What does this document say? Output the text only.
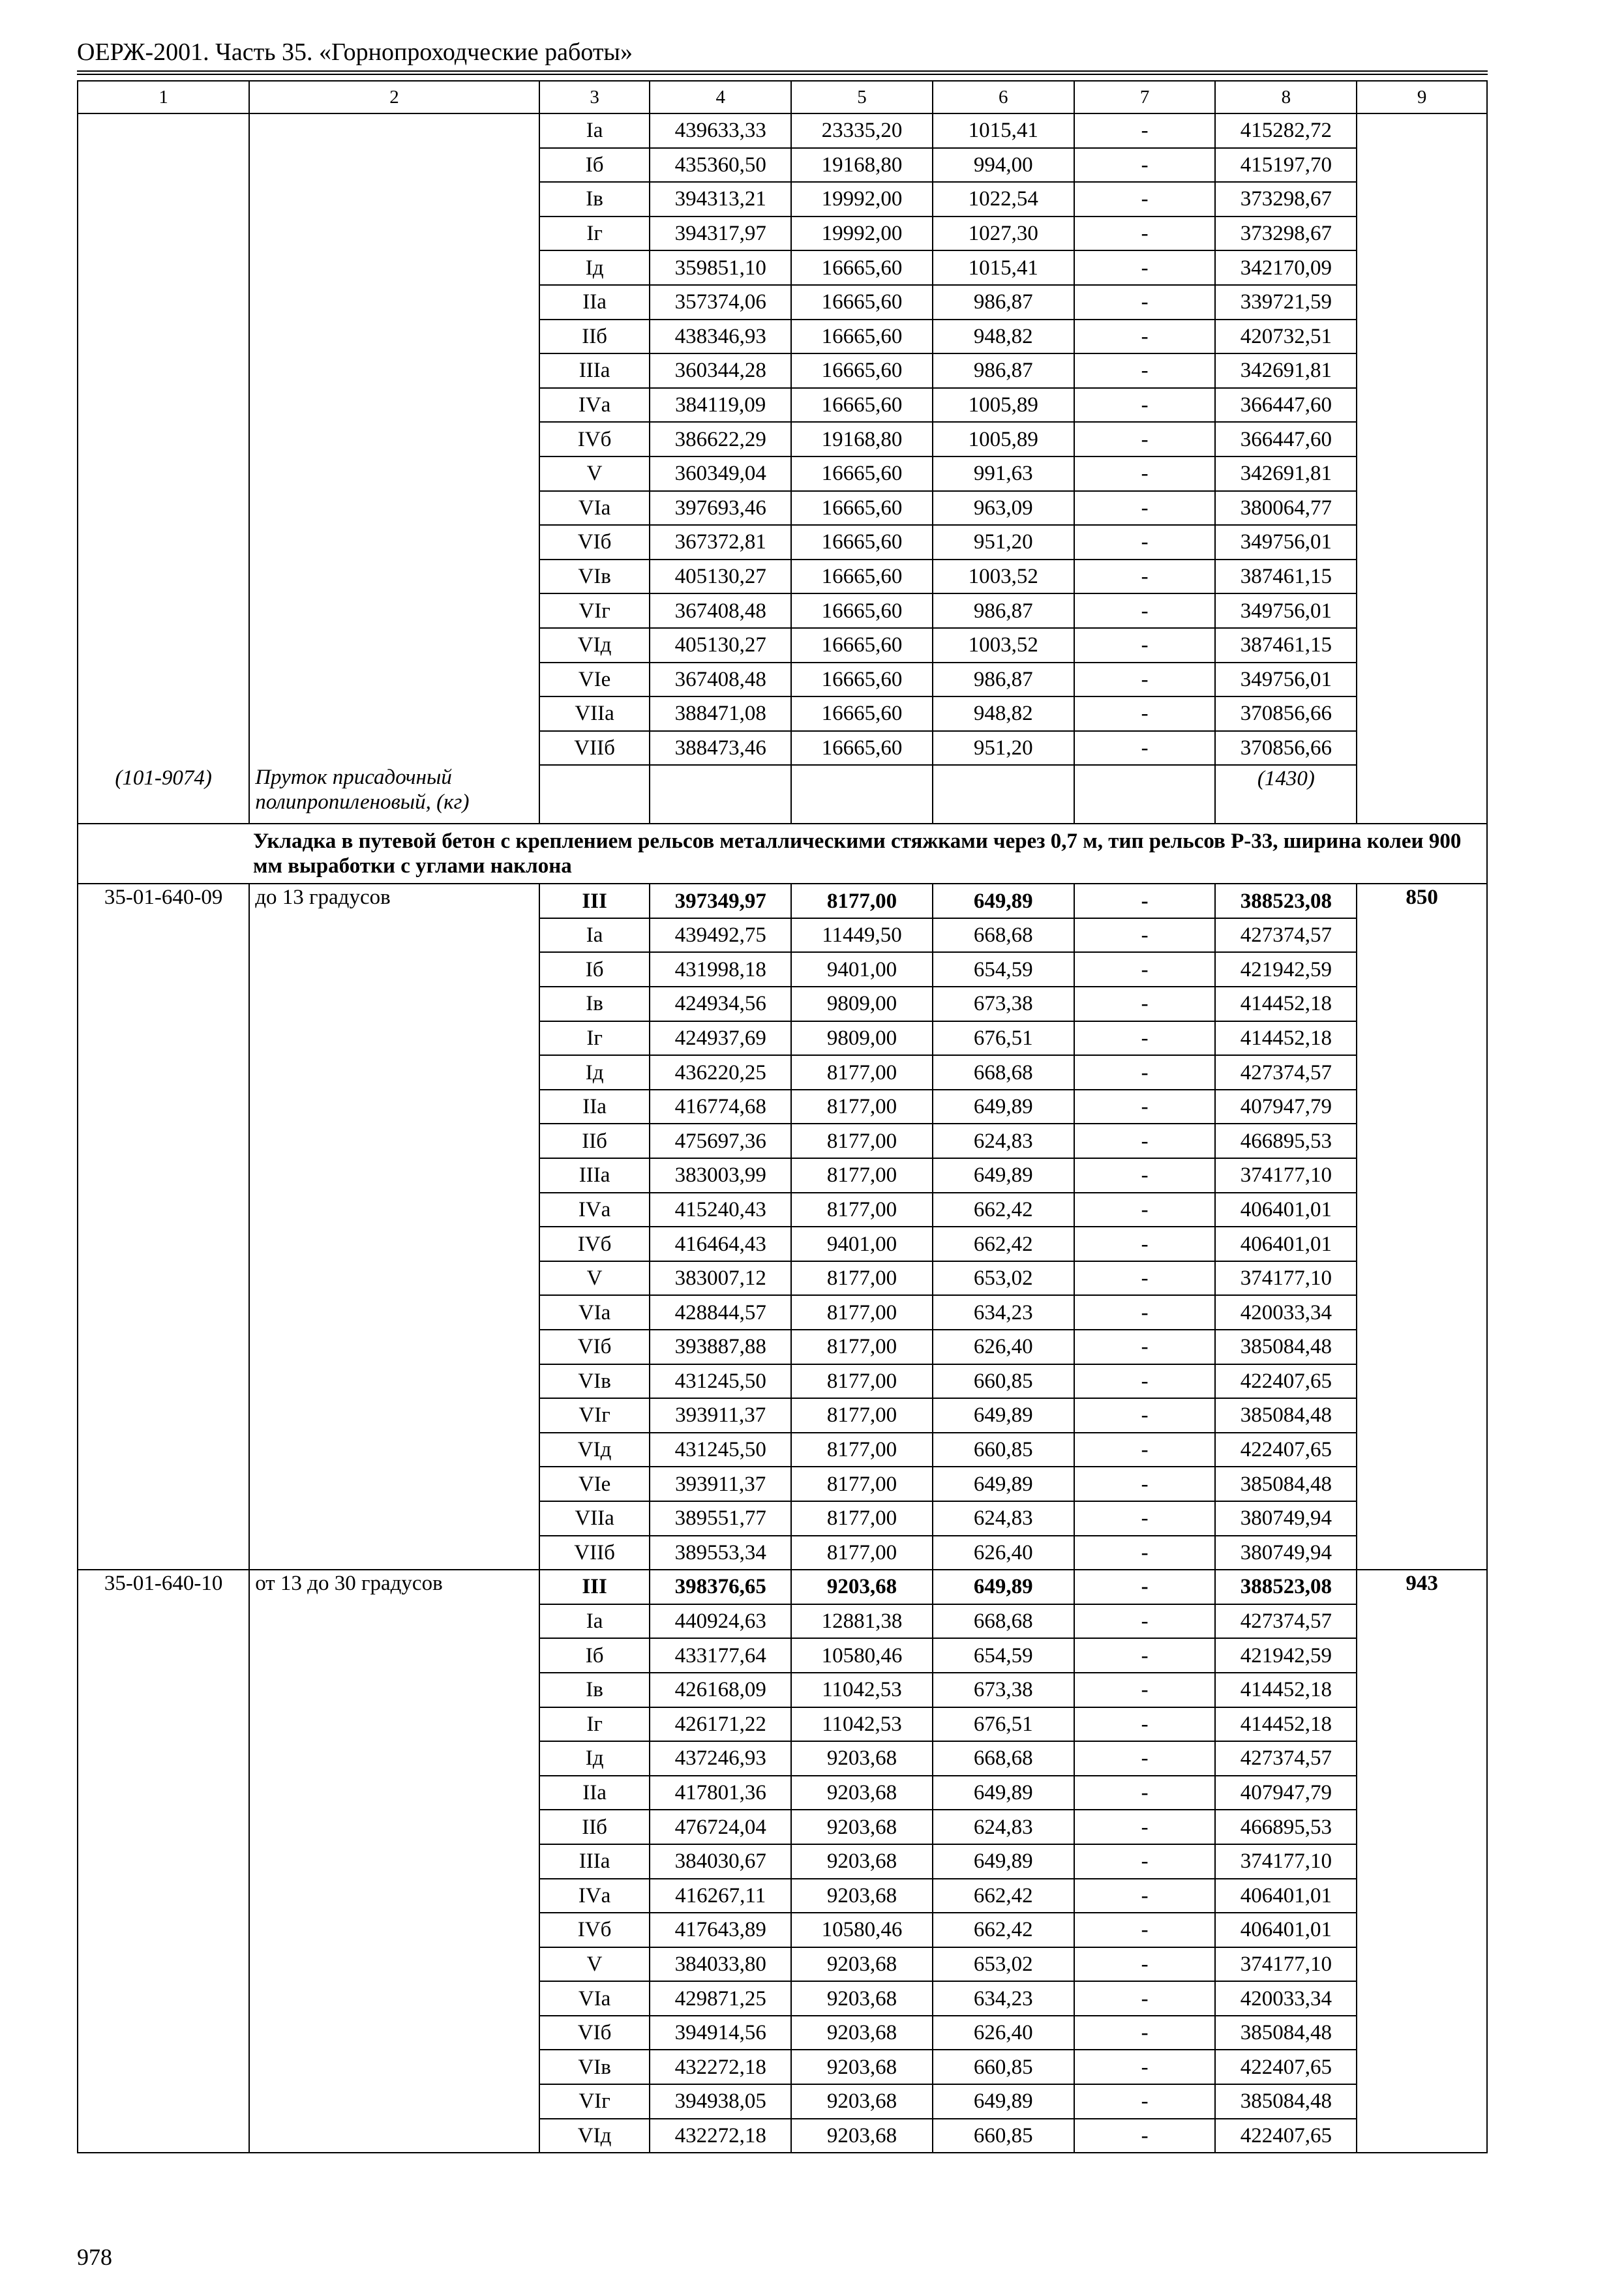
ОЕРЖ-2001. Часть 35. «Горнопроходческие работы»
1	2	3	4	5	6	7	8	9
		Iа	439633,33	23335,20	1015,41	-	415282,72	
		Iб	435360,50	19168,80	994,00	-	415197,70	
		Iв	394313,21	19992,00	1022,54	-	373298,67	
		Iг	394317,97	19992,00	1027,30	-	373298,67	
		Iд	359851,10	16665,60	1015,41	-	342170,09	
		IIа	357374,06	16665,60	986,87	-	339721,59	
		IIб	438346,93	16665,60	948,82	-	420732,51	
		IIIа	360344,28	16665,60	986,87	-	342691,81	
		IVа	384119,09	16665,60	1005,89	-	366447,60	
		IVб	386622,29	19168,80	1005,89	-	366447,60	
		V	360349,04	16665,60	991,63	-	342691,81	
		VIа	397693,46	16665,60	963,09	-	380064,77	
		VIб	367372,81	16665,60	951,20	-	349756,01	
		VIв	405130,27	16665,60	1003,52	-	387461,15	
		VIг	367408,48	16665,60	986,87	-	349756,01	
		VIд	405130,27	16665,60	1003,52	-	387461,15	
		VIе	367408,48	16665,60	986,87	-	349756,01	
		VIIа	388471,08	16665,60	948,82	-	370856,66	
		VIIб	388473,46	16665,60	951,20	-	370856,66	
(101-9074)	Пруток присадочный полипропиленовый, (кг)						(1430)	
Укладка в путевой бетон с креплением рельсов металлическими стяжками через 0,7 м, тип рельсов Р-33, ширина колеи 900 мм выработки с углами наклона								
35-01-640-09	до 13 градусов	III	397349,97	8177,00	649,89	-	388523,08	850
		Iа	439492,75	11449,50	668,68	-	427374,57	
		Iб	431998,18	9401,00	654,59	-	421942,59	
		Iв	424934,56	9809,00	673,38	-	414452,18	
		Iг	424937,69	9809,00	676,51	-	414452,18	
		Iд	436220,25	8177,00	668,68	-	427374,57	
		IIа	416774,68	8177,00	649,89	-	407947,79	
		IIб	475697,36	8177,00	624,83	-	466895,53	
		IIIа	383003,99	8177,00	649,89	-	374177,10	
		IVа	415240,43	8177,00	662,42	-	406401,01	
		IVб	416464,43	9401,00	662,42	-	406401,01	
		V	383007,12	8177,00	653,02	-	374177,10	
		VIа	428844,57	8177,00	634,23	-	420033,34	
		VIб	393887,88	8177,00	626,40	-	385084,48	
		VIв	431245,50	8177,00	660,85	-	422407,65	
		VIг	393911,37	8177,00	649,89	-	385084,48	
		VIд	431245,50	8177,00	660,85	-	422407,65	
		VIе	393911,37	8177,00	649,89	-	385084,48	
		VIIа	389551,77	8177,00	624,83	-	380749,94	
		VIIб	389553,34	8177,00	626,40	-	380749,94	
35-01-640-10	от 13 до 30 градусов	III	398376,65	9203,68	649,89	-	388523,08	943
		Iа	440924,63	12881,38	668,68	-	427374,57	
		Iб	433177,64	10580,46	654,59	-	421942,59	
		Iв	426168,09	11042,53	673,38	-	414452,18	
		Iг	426171,22	11042,53	676,51	-	414452,18	
		Iд	437246,93	9203,68	668,68	-	427374,57	
		IIа	417801,36	9203,68	649,89	-	407947,79	
		IIб	476724,04	9203,68	624,83	-	466895,53	
		IIIа	384030,67	9203,68	649,89	-	374177,10	
		IVа	416267,11	9203,68	662,42	-	406401,01	
		IVб	417643,89	10580,46	662,42	-	406401,01	
		V	384033,80	9203,68	653,02	-	374177,10	
		VIа	429871,25	9203,68	634,23	-	420033,34	
		VIб	394914,56	9203,68	626,40	-	385084,48	
		VIв	432272,18	9203,68	660,85	-	422407,65	
		VIг	394938,05	9203,68	649,89	-	385084,48	
		VIд	432272,18	9203,68	660,85	-	422407,65	
978
